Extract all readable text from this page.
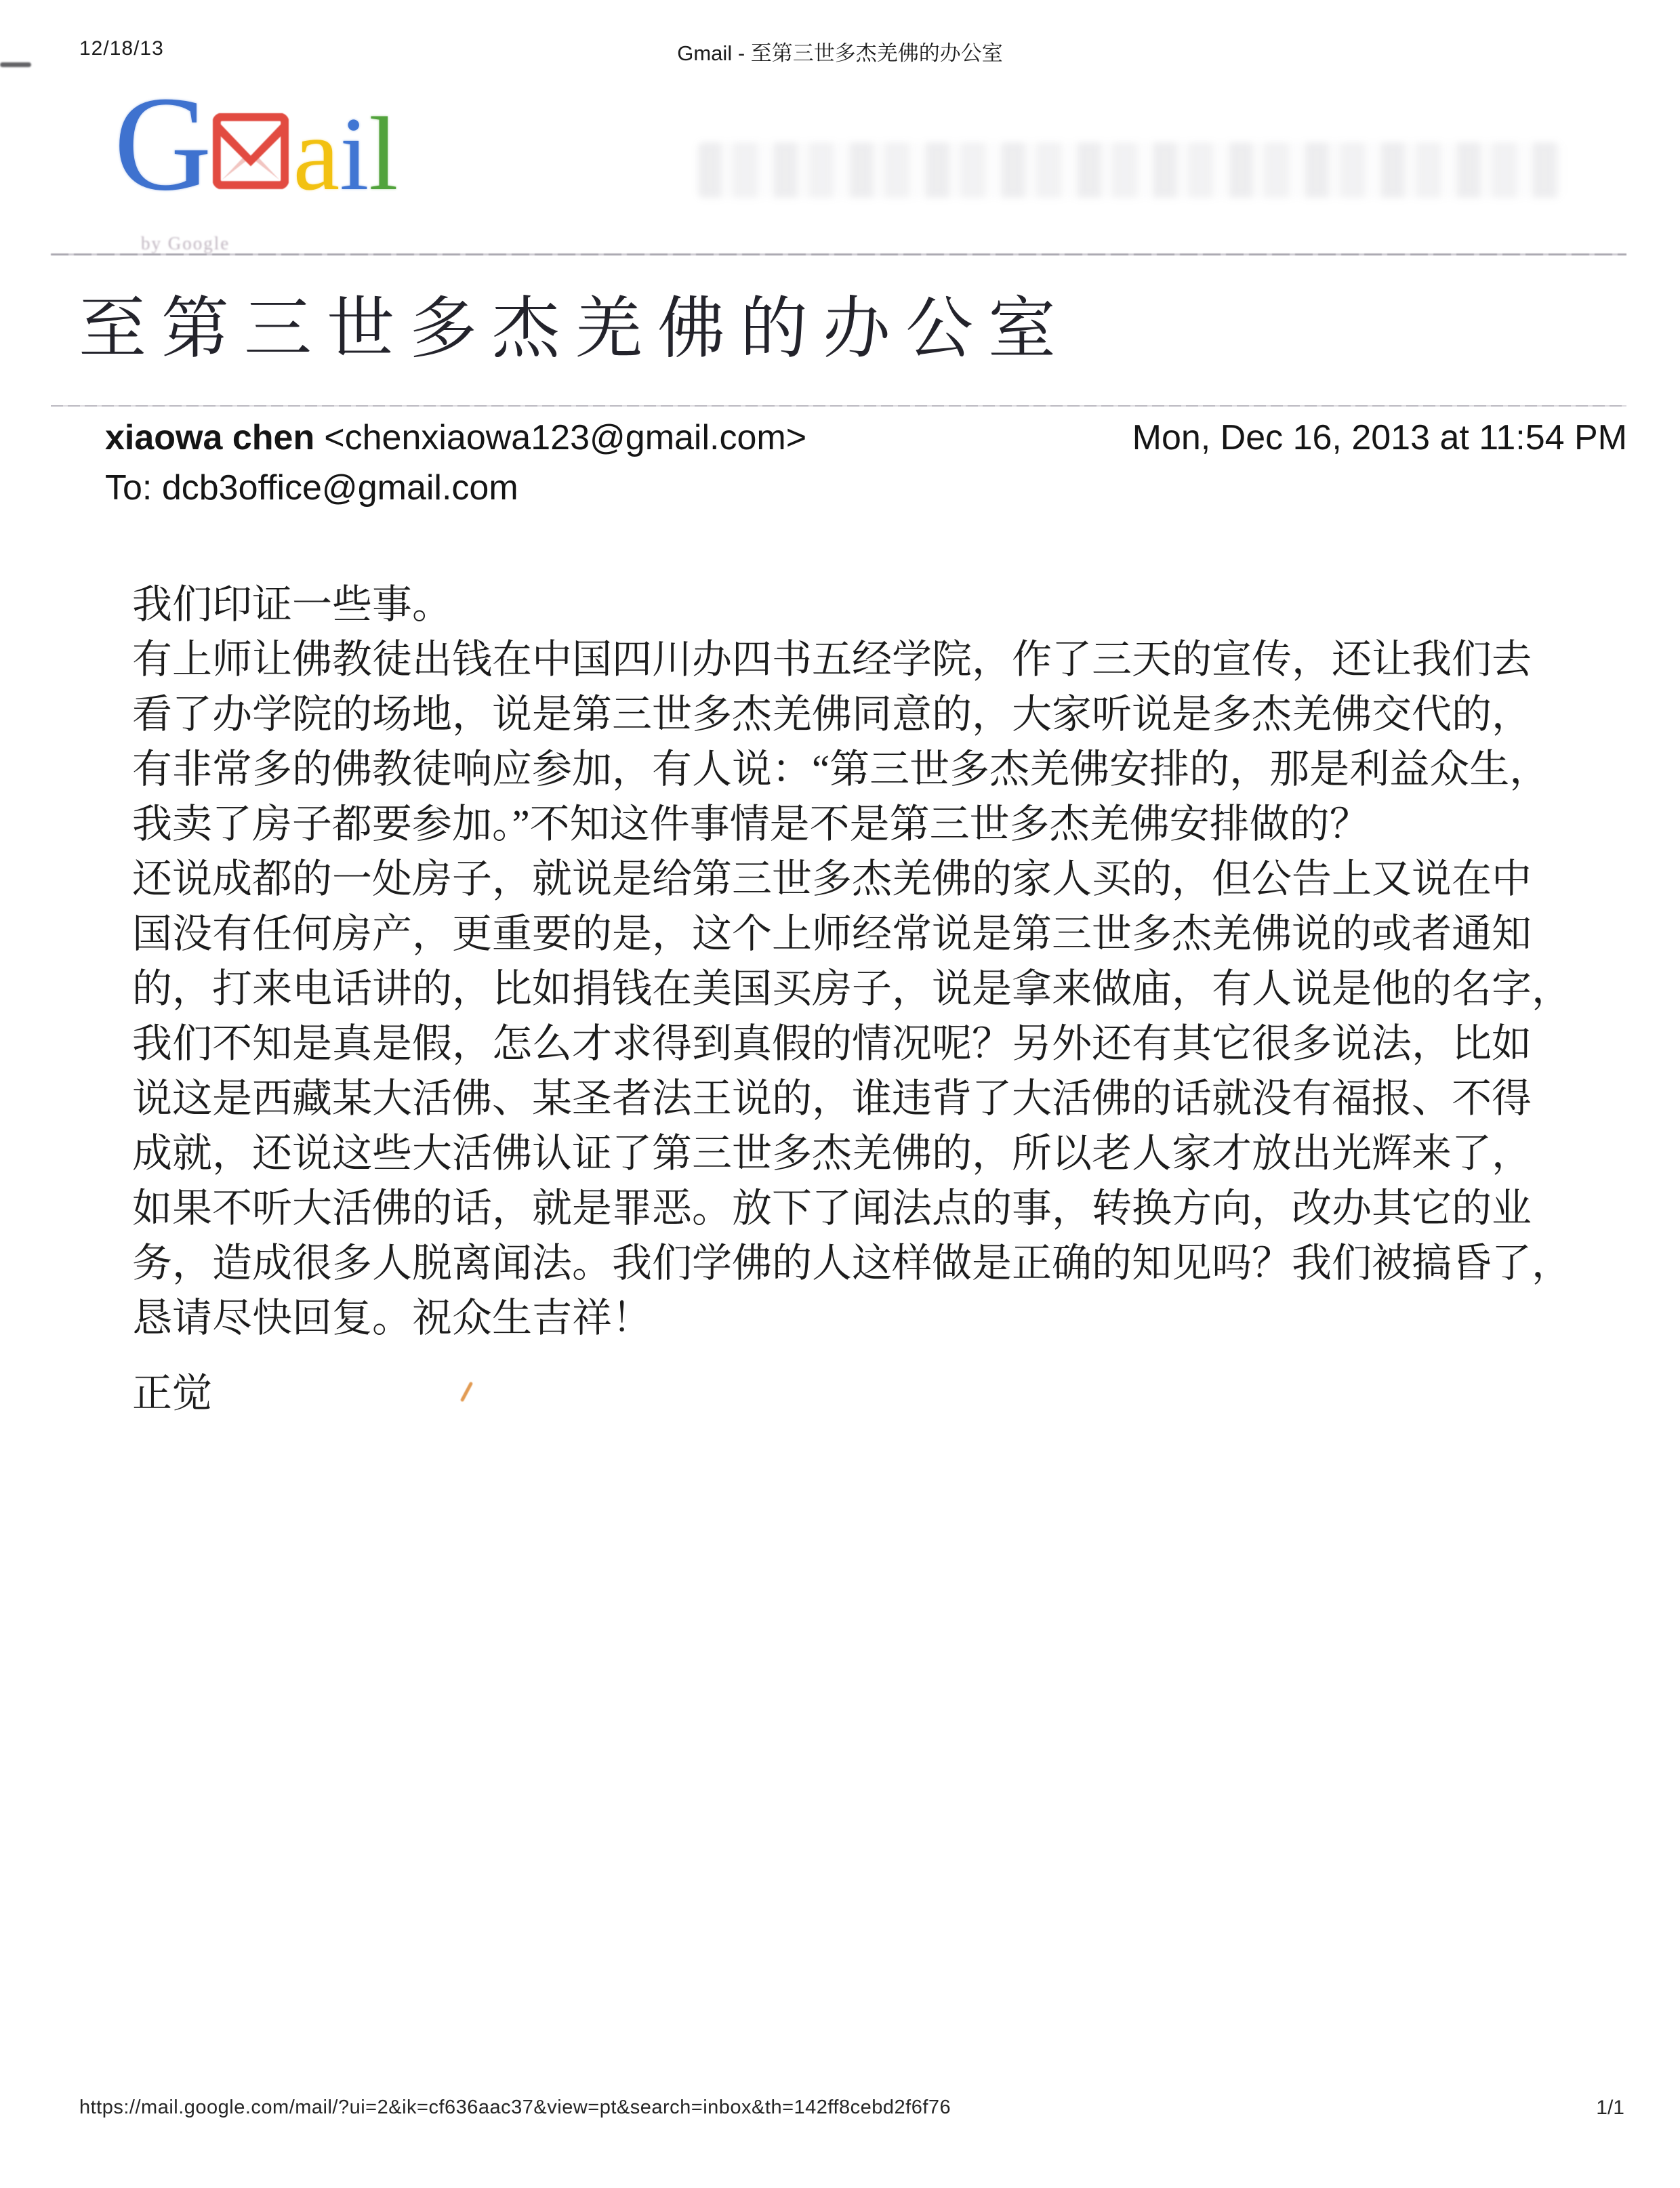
12/18/13	Gmail - 至第三世多杰羌佛的办公室
G ail
by Google
至第三世多杰羌佛的办公室
xiaowa chen <chenxiaowa123@gmail.com>	Mon, Dec 16, 2013 at 11:54 PM
To: dcb3office@gmail.com
我们印证一些事。
有上师让佛教徒出钱在中国四川办四书五经学院，作了三天的宣传，还让我们去
看了办学院的场地，说是第三世多杰羌佛同意的，大家听说是多杰羌佛交代的，
有非常多的佛教徒响应参加，有人说：“第三世多杰羌佛安排的，那是利益众生，
我卖了房子都要参加。”不知这件事情是不是第三世多杰羌佛安排做的？
还说成都的一处房子，就说是给第三世多杰羌佛的家人买的，但公告上又说在中
国没有任何房产，更重要的是，这个上师经常说是第三世多杰羌佛说的或者通知
的，打来电话讲的，比如捐钱在美国买房子，说是拿来做庙，有人说是他的名字，
我们不知是真是假，怎么才求得到真假的情况呢？另外还有其它很多说法，比如
说这是西藏某大活佛、某圣者法王说的，谁违背了大活佛的话就没有福报、不得
成就，还说这些大活佛认证了第三世多杰羌佛的，所以老人家才放出光辉来了，
如果不听大活佛的话，就是罪恶。放下了闻法点的事，转换方向，改办其它的业
务，造成很多人脱离闻法。我们学佛的人这样做是正确的知见吗？我们被搞昏了，
恳请尽快回复。祝众生吉祥！
正觉
https://mail.google.com/mail/?ui=2&ik=cf636aac37&view=pt&search=inbox&th=142ff8cebd2f6f76	1/1
